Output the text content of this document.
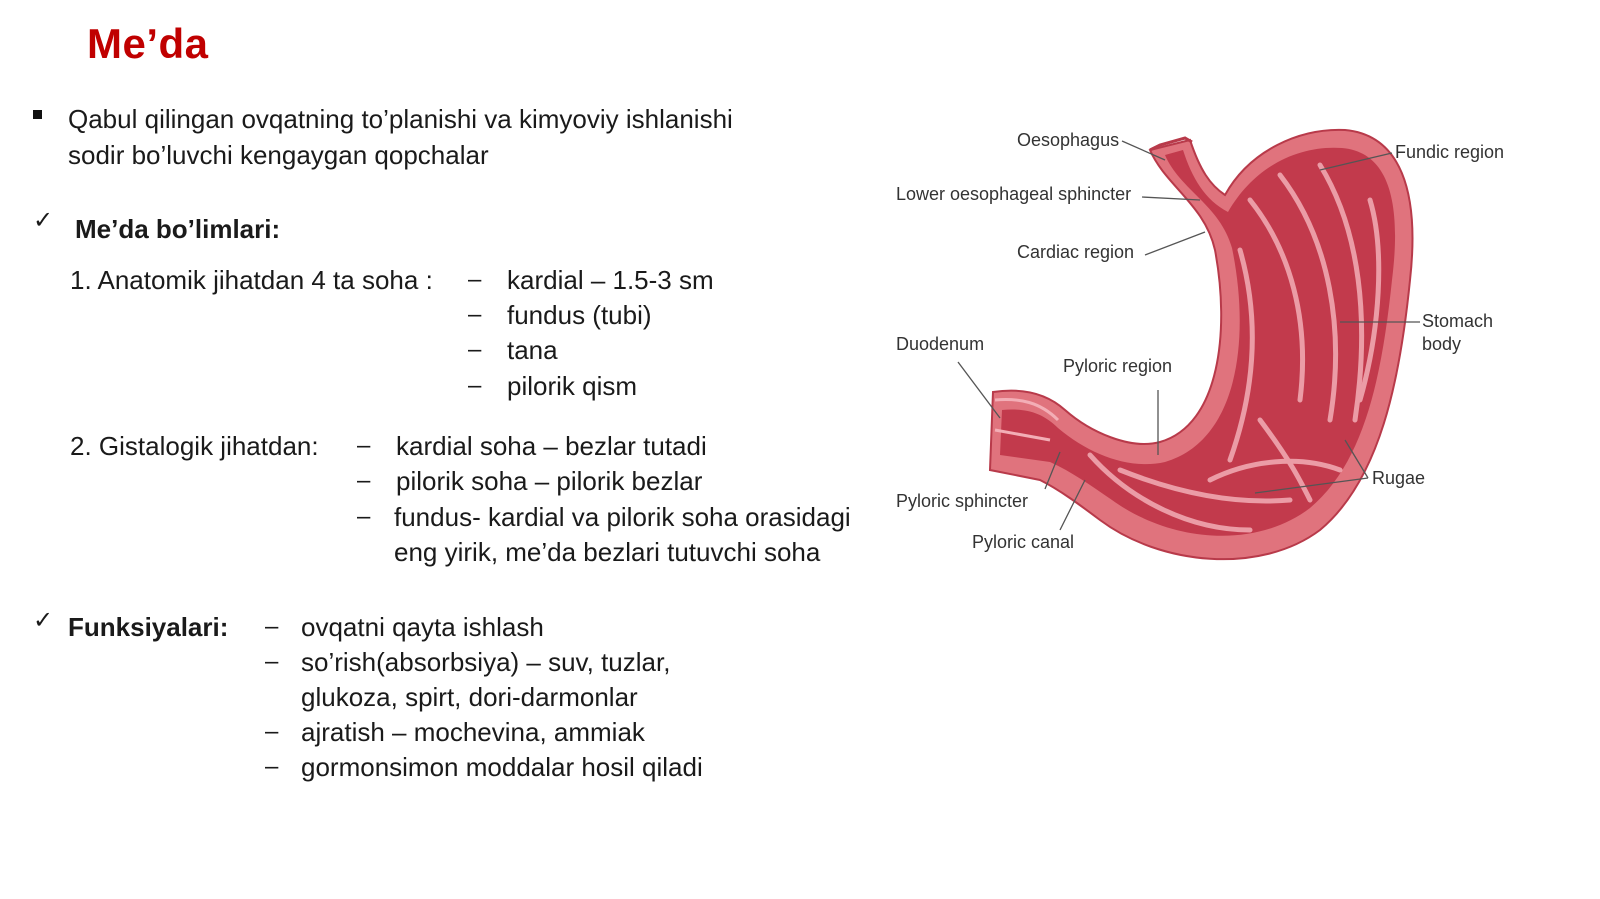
Me’da
Qabul qilingan ovqatning to’planishi va kimyoviy ishlanishi
sodir bo’luvchi kengaygan qopchalar
✓ Me’da bo’limlari:
1. Anatomik jihatdan 4 ta soha : – kardial – 1.5-3 sm
– fundus (tubi)
– tana
– pilorik qism
2. Gistalogik jihatdan: – kardial soha – bezlar tutadi
– pilorik soha – pilorik bezlar
– fundus- kardial va pilorik soha orasidagi
eng yirik, me’da bezlari tutuvchi soha
✓ Funksiyalari: – ovqatni qayta ishlash
– so’rish(absorbsiya) – suv, tuzlar,
glukoza, spirt, dori-darmonlar
– ajratish – mochevina, ammiak
– gormonsimon moddalar hosil qiladi
Oesophagus
Lower oesophageal sphincter
Cardiac region
Fundic region
Stomach
body
Duodenum
Pyloric region
Pyloric sphincter
Pyloric canal
Rugae
